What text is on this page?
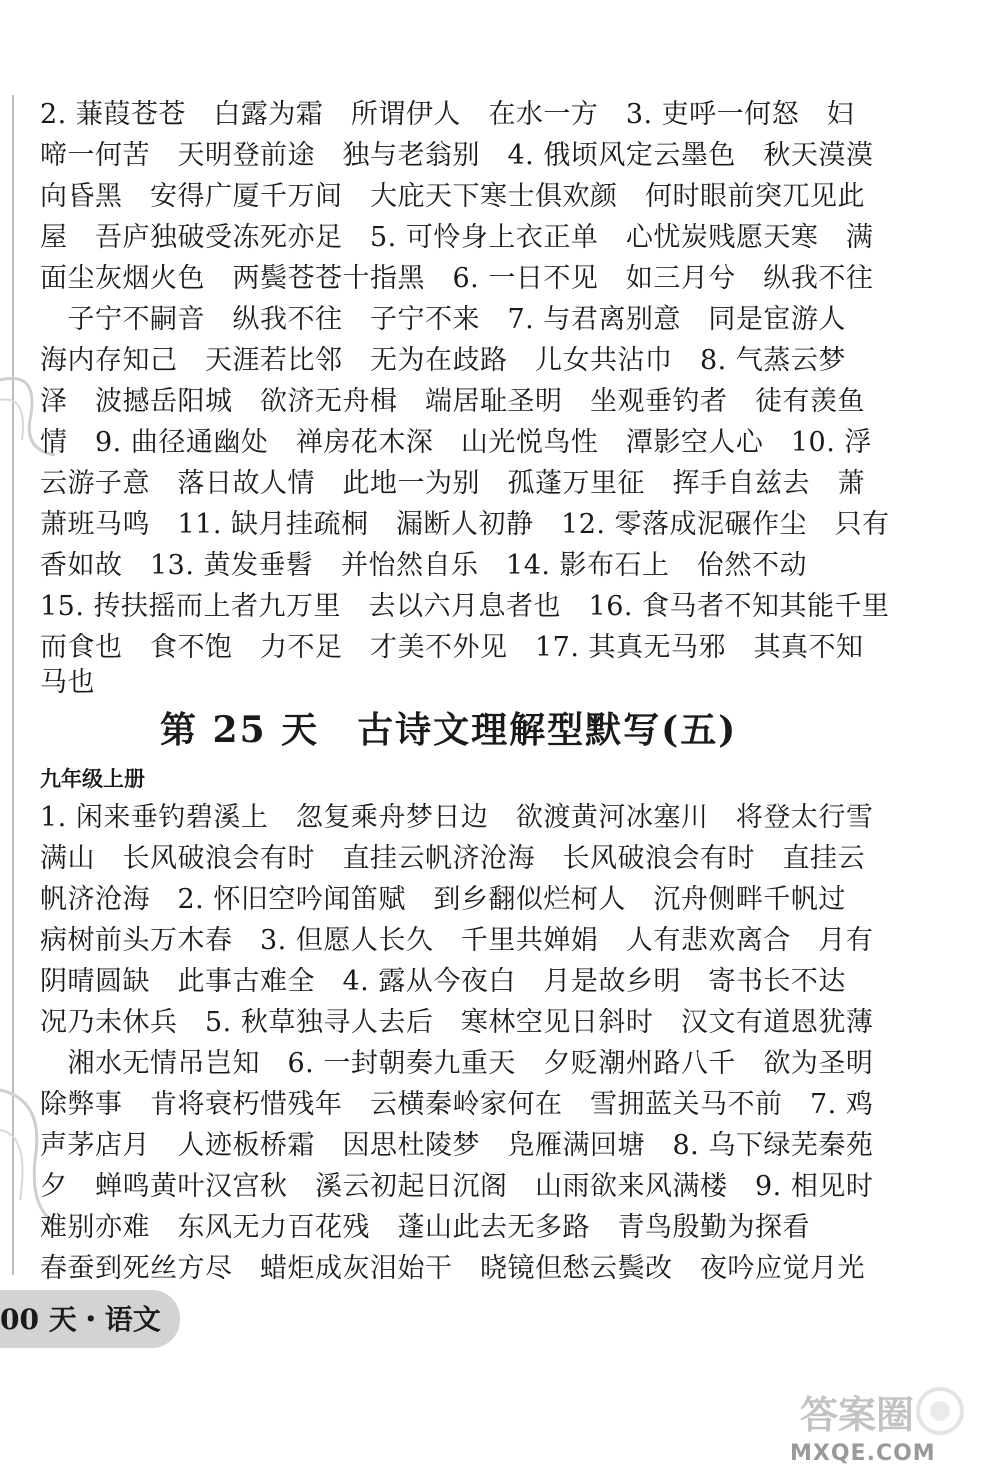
2. 蒹葭苍苍　白露为霜　所谓伊人　在水一方　3. 吏呼一何怒　妇
啼一何苦　天明登前途　独与老翁别　4. 俄顷风定云墨色　秋天漠漠
向昏黑　安得广厦千万间　大庇天下寒士俱欢颜　何时眼前突兀见此
屋　吾庐独破受冻死亦足　5. 可怜身上衣正单　心忧炭贱愿天寒　满
面尘灰烟火色　两鬓苍苍十指黑　6. 一日不见　如三月兮　纵我不往
　子宁不嗣音　纵我不往　子宁不来　7. 与君离别意　同是宦游人
海内存知己　天涯若比邻　无为在歧路　儿女共沾巾　8. 气蒸云梦
泽　波撼岳阳城　欲济无舟楫　端居耻圣明　坐观垂钓者　徒有羡鱼
情　9. 曲径通幽处　禅房花木深　山光悦鸟性　潭影空人心　10. 浮
云游子意　落日故人情　此地一为别　孤蓬万里征　挥手自兹去　萧
萧班马鸣　11. 缺月挂疏桐　漏断人初静　12. 零落成泥碾作尘　只有
香如故　13. 黄发垂髫　并怡然自乐　14. 影布石上　佁然不动
15. 抟扶摇而上者九万里　去以六月息者也　16. 食马者不知其能千里
而食也　食不饱　力不足　才美不外见　17. 其真无马邪　其真不知
马也
第 25 天　古诗文理解型默写(五)
九年级上册
1. 闲来垂钓碧溪上　忽复乘舟梦日边　欲渡黄河冰塞川　将登太行雪
满山　长风破浪会有时　直挂云帆济沧海　长风破浪会有时　直挂云
帆济沧海　2. 怀旧空吟闻笛赋　到乡翻似烂柯人　沉舟侧畔千帆过
病树前头万木春　3. 但愿人长久　千里共婵娟　人有悲欢离合　月有
阴晴圆缺　此事古难全　4. 露从今夜白　月是故乡明　寄书长不达
况乃未休兵　5. 秋草独寻人去后　寒林空见日斜时　汉文有道恩犹薄
　湘水无情吊岂知　6. 一封朝奏九重天　夕贬潮州路八千　欲为圣明
除弊事　肯将衰朽惜残年　云横秦岭家何在　雪拥蓝关马不前　7. 鸡
声茅店月　人迹板桥霜　因思杜陵梦　凫雁满回塘　8. 乌下绿芜秦苑
夕　蝉鸣黄叶汉宫秋　溪云初起日沉阁　山雨欲来风满楼　9. 相见时
难别亦难　东风无力百花残　蓬山此去无多路　青鸟殷勤为探看
春蚕到死丝方尽　蜡炬成灰泪始干　晓镜但愁云鬓改　夜吟应觉月光
00 天・语文
答案圈
MXQE.COM
